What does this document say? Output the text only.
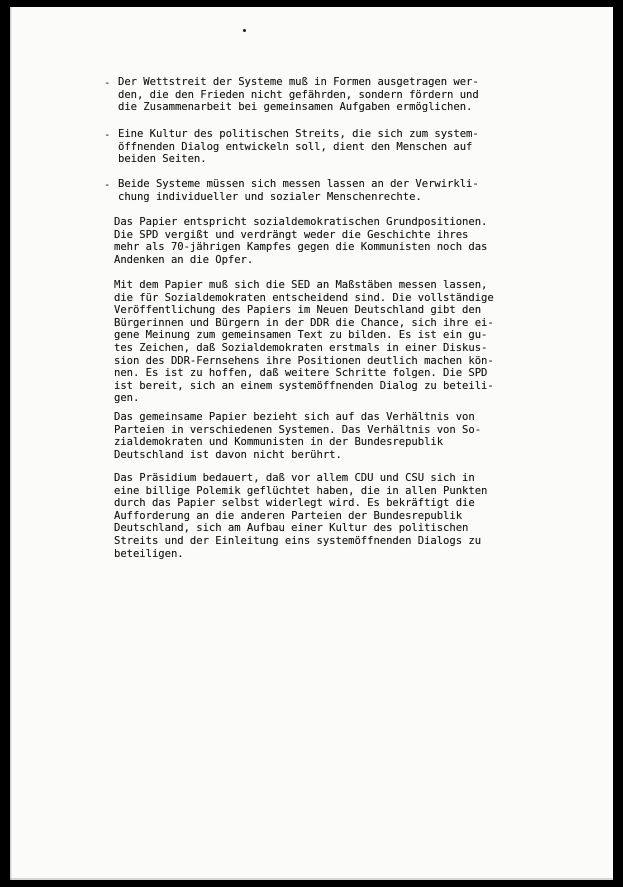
- Der Wettstreit der Systeme muß in Formen ausgetragen wer-
den, die den Frieden nicht gefährden, sondern fördern und
die Zusammenarbeit bei gemeinsamen Aufgaben ermöglichen.
- Eine Kultur des politischen Streits, die sich zum system-
öffnenden Dialog entwickeln soll, dient den Menschen auf
beiden Seiten.
- Beide Systeme müssen sich messen lassen an der Verwirkli-
chung individueller und sozialer Menschenrechte.
Das Papier entspricht sozialdemokratischen Grundpositionen.
Die SPD vergißt und verdrängt weder die Geschichte ihres
mehr als 70-jährigen Kampfes gegen die Kommunisten noch das
Andenken an die Opfer.
Mit dem Papier muß sich die SED an Maßstäben messen lassen,
die für Sozialdemokraten entscheidend sind. Die vollständige
Veröffentlichung des Papiers im Neuen Deutschland gibt den
Bürgerinnen und Bürgern in der DDR die Chance, sich ihre ei-
gene Meinung zum gemeinsamen Text zu bilden. Es ist ein gu-
tes Zeichen, daß Sozialdemokraten erstmals in einer Diskus-
sion des DDR-Fernsehens ihre Positionen deutlich machen kön-
nen. Es ist zu hoffen, daß weitere Schritte folgen. Die SPD
ist bereit, sich an einem systemöffnenden Dialog zu beteili-
gen.
Das gemeinsame Papier bezieht sich auf das Verhältnis von
Parteien in verschiedenen Systemen. Das Verhältnis von So-
zialdemokraten und Kommunisten in der Bundesrepublik
Deutschland ist davon nicht berührt.
Das Präsidium bedauert, daß vor allem CDU und CSU sich in
eine billige Polemik geflüchtet haben, die in allen Punkten
durch das Papier selbst widerlegt wird. Es bekräftigt die
Aufforderung an die anderen Parteien der Bundesrepublik
Deutschland, sich am Aufbau einer Kultur des politischen
Streits und der Einleitung eins systemöffnenden Dialogs zu
beteiligen.
